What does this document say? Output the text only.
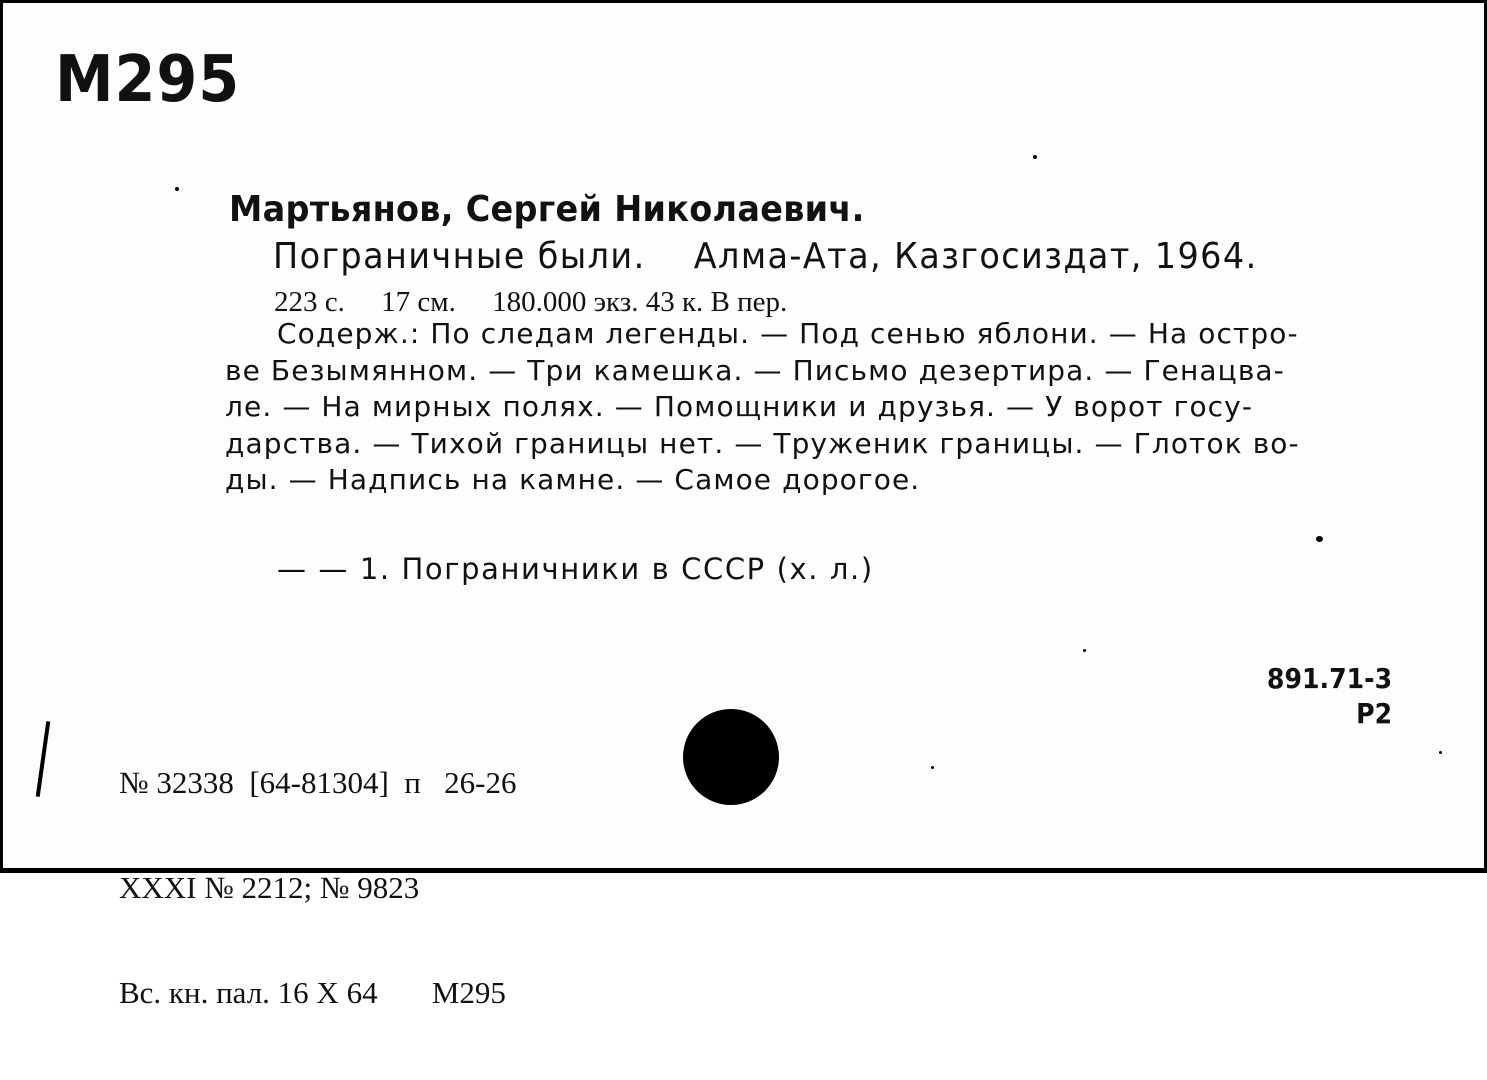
М295
Мартьянов, Сергей Николаевич.
Пограничные были.    Алма-Ата, Казгосиздат, 1964.
223 с.     17 см.     180.000 экз. 43 к. В пер.
Содерж.: По следам легенды. — Под сенью яблони. — На остро-
ве Безымянном. — Три камешка. — Письмо дезертира. — Генацва-
ле. — На мирных полях. — Помощники и друзья. — У ворот госу-
дарства. — Тихой границы нет. — Труженик границы. — Глоток во-
ды. — Надпись на камне. — Самое дорогое.
— — 1. Пограничники в СССР (х. л.)
891.71-3
Р2

№ 32338  [64-81304]  п   26-26

XXXI № 2212; № 9823

Вс. кн. пал. 16 X 64       М295
